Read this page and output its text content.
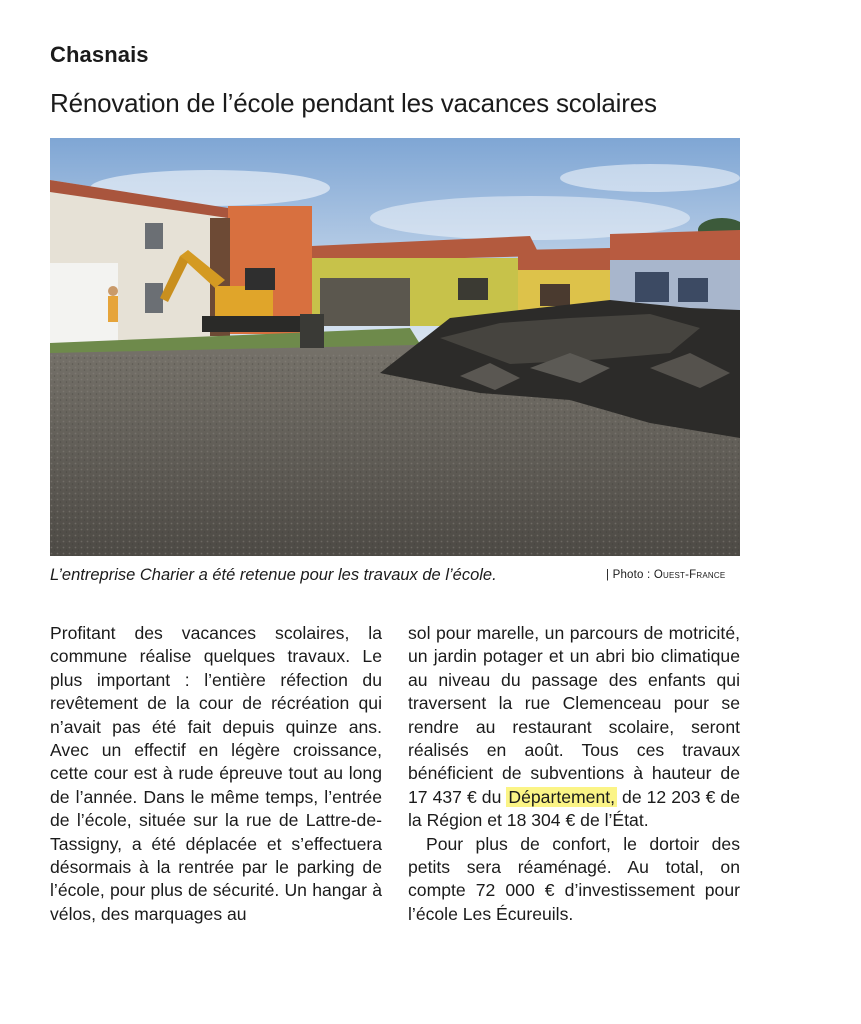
Chasnais
Rénovation de l’école pendant les vacances scolaires
L’entreprise Charier a été retenue pour les travaux de l’école.	| Photo : Ouest-France

Profitant des vacances scolaires, la commune réalise quelques travaux. Le plus important : l’entière réfection du revêtement de la cour de récréation qui n’avait pas été fait depuis quinze ans. Avec un effectif en légère croissance, cette cour est à rude épreuve tout au long de l’année. Dans le même temps, l’entrée de l’école, située sur la rue de Lattre-de-Tassigny, a été déplacée et s’effectuera désormais à la rentrée par le parking de l’école, pour plus de sécurité. Un hangar à vélos, des marquages au

sol pour marelle, un parcours de motricité, un jardin potager et un abri bio climatique au niveau du passage des enfants qui traversent la rue Clemenceau pour se rendre au restaurant scolaire, seront réalisés en août. Tous ces travaux bénéficient de subventions à hauteur de 17 437 € du Département, de 12 203 € de la Région et 18 304 € de l’État.

Pour plus de confort, le dortoir des petits sera réaménagé. Au total, on compte 72 000 € d’investissement pour l’école Les Écureuils.
